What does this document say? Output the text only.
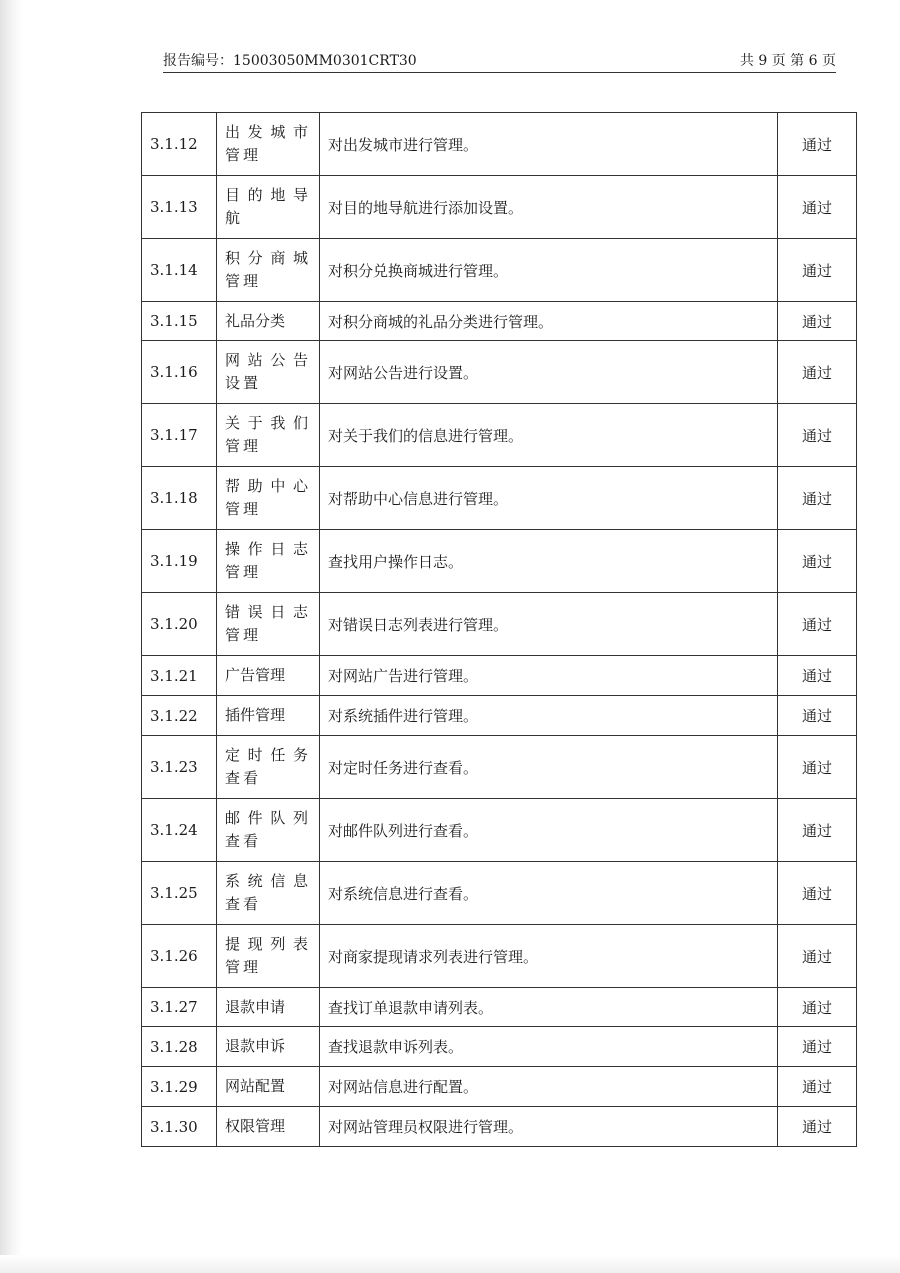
报告编号：15003050MM0301CRT30	共 9 页 第 6 页
3.1.12	出发城市管理	对出发城市进行管理。	通过
3.1.13	目的地导航	对目的地导航进行添加设置。	通过
3.1.14	积分商城管理	对积分兑换商城进行管理。	通过
3.1.15	礼品分类	对积分商城的礼品分类进行管理。	通过
3.1.16	网站公告设置	对网站公告进行设置。	通过
3.1.17	关于我们管理	对关于我们的信息进行管理。	通过
3.1.18	帮助中心管理	对帮助中心信息进行管理。	通过
3.1.19	操作日志管理	查找用户操作日志。	通过
3.1.20	错误日志管理	对错误日志列表进行管理。	通过
3.1.21	广告管理	对网站广告进行管理。	通过
3.1.22	插件管理	对系统插件进行管理。	通过
3.1.23	定时任务查看	对定时任务进行查看。	通过
3.1.24	邮件队列查看	对邮件队列进行查看。	通过
3.1.25	系统信息查看	对系统信息进行查看。	通过
3.1.26	提现列表管理	对商家提现请求列表进行管理。	通过
3.1.27	退款申请	查找订单退款申请列表。	通过
3.1.28	退款申诉	查找退款申诉列表。	通过
3.1.29	网站配置	对网站信息进行配置。	通过
3.1.30	权限管理	对网站管理员权限进行管理。	通过
